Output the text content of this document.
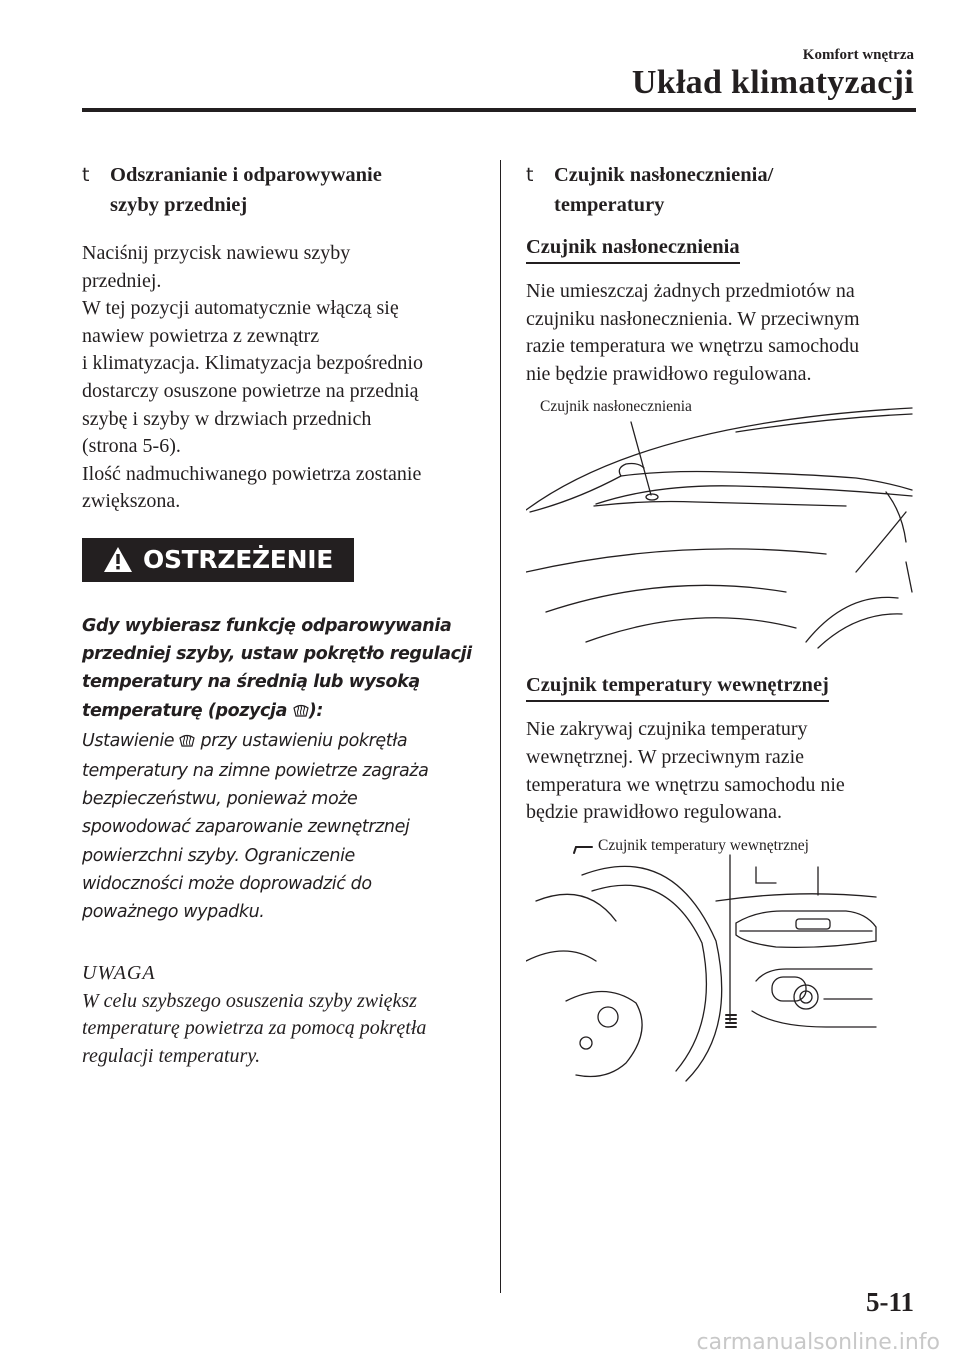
Komfort wnętrza
Układ klimatyzacji
t Odszranianie i odparowywanie
szyby przedniej

Naciśnij przycisk nawiewu szyby

przedniej.

W tej pozycji automatycznie włączą się

nawiew powietrza z zewnątrz

i klimatyzacja. Klimatyzacja bezpośrednio

dostarczy osuszone powietrze na przednią

szybę i szyby w drzwiach przednich

(strona 5-6).

Ilość nadmuchiwanego powietrza zostanie

zwiększona.

OSTRZEŻENIE
Gdy wybierasz funkcję odparowywania
przedniej szyby, ustaw pokrętło regulacji
temperatury na średnią lub wysoką
temperaturę (pozycja ):
Ustawienie  przy ustawieniu pokrętła
temperatury na zimne powietrze zagraża
bezpieczeństwu, ponieważ może
spowodować zaparowanie zewnętrznej
powierzchni szyby. Ograniczenie
widoczności może doprowadzić do
poważnego wypadku.
UWAGA
W celu szybszego osuszenia szyby zwiększ
temperaturę powietrza za pomocą pokrętła
regulacji temperatury.
t Czujnik nasłonecznienia/
temperatury
Czujnik nasłonecznienia

Nie umieszczaj żadnych przedmiotów na

czujniku nasłonecznienia. W przeciwnym

razie temperatura we wnętrzu samochodu

nie będzie prawidłowo regulowana.

Czujnik nasłonecznienia
Czujnik temperatury wewnętrznej

Nie zakrywaj czujnika temperatury

wewnętrznej. W przeciwnym razie

temperatura we wnętrzu samochodu nie

będzie prawidłowo regulowana.

Czujnik temperatury wewnętrznej
5-11
carmanualsonline.info
